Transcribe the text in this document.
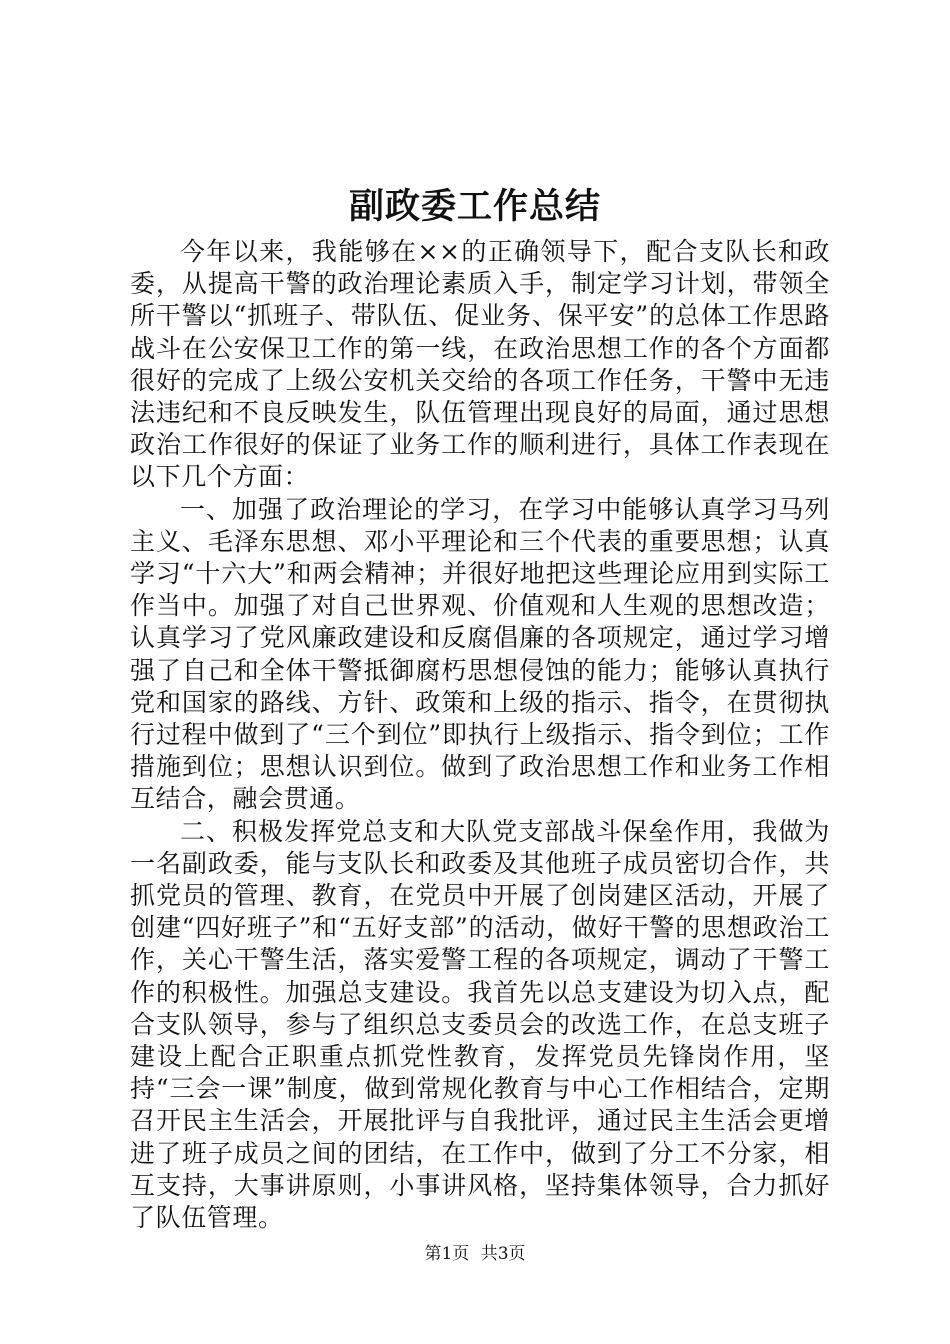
副政委工作总结

今年以来，我能够在××的正确领导下，配合支队长和政委，从提高干警的政治理论素质入手，制定学习计划，带领全所干警以“抓班子、带队伍、促业务、保平安”的总体工作思路战斗在公安保卫工作的第一线，在政治思想工作的各个方面都很好的完成了上级公安机关交给的各项工作任务，干警中无违法违纪和不良反映发生，队伍管理出现良好的局面，通过思想政治工作很好的保证了业务工作的顺利进行，具体工作表现在以下几个方面：

一、加强了政治理论的学习，在学习中能够认真学习马列主义、毛泽东思想、邓小平理论和三个代表的重要思想；认真学习“十六大”和两会精神；并很好地把这些理论应用到实际工作当中。加强了对自己世界观、价值观和人生观的思想改造；认真学习了党风廉政建设和反腐倡廉的各项规定，通过学习增强了自己和全体干警抵御腐朽思想侵蚀的能力；能够认真执行党和国家的路线、方针、政策和上级的指示、指令，在贯彻执行过程中做到了“三个到位”即执行上级指示、指令到位；工作措施到位；思想认识到位。做到了政治思想工作和业务工作相互结合，融会贯通。

二、积极发挥党总支和大队党支部战斗保垒作用，我做为一名副政委，能与支队长和政委及其他班子成员密切合作，共抓党员的管理、教育，在党员中开展了创岗建区活动，开展了创建“四好班子”和“五好支部”的活动，做好干警的思想政治工作，关心干警生活，落实爱警工程的各项规定，调动了干警工作的积极性。加强总支建设。我首先以总支建设为切入点，配合支队领导，参与了组织总支委员会的改选工作，在总支班子建设上配合正职重点抓党性教育，发挥党员先锋岗作用，坚持“三会一课”制度，做到常规化教育与中心工作相结合，定期召开民主生活会，开展批评与自我批评，通过民主生活会更增进了班子成员之间的团结，在工作中，做到了分工不分家，相互支持，大事讲原则，小事讲风格，坚持集体领导，合力抓好了队伍管理。

第1页 共3页
